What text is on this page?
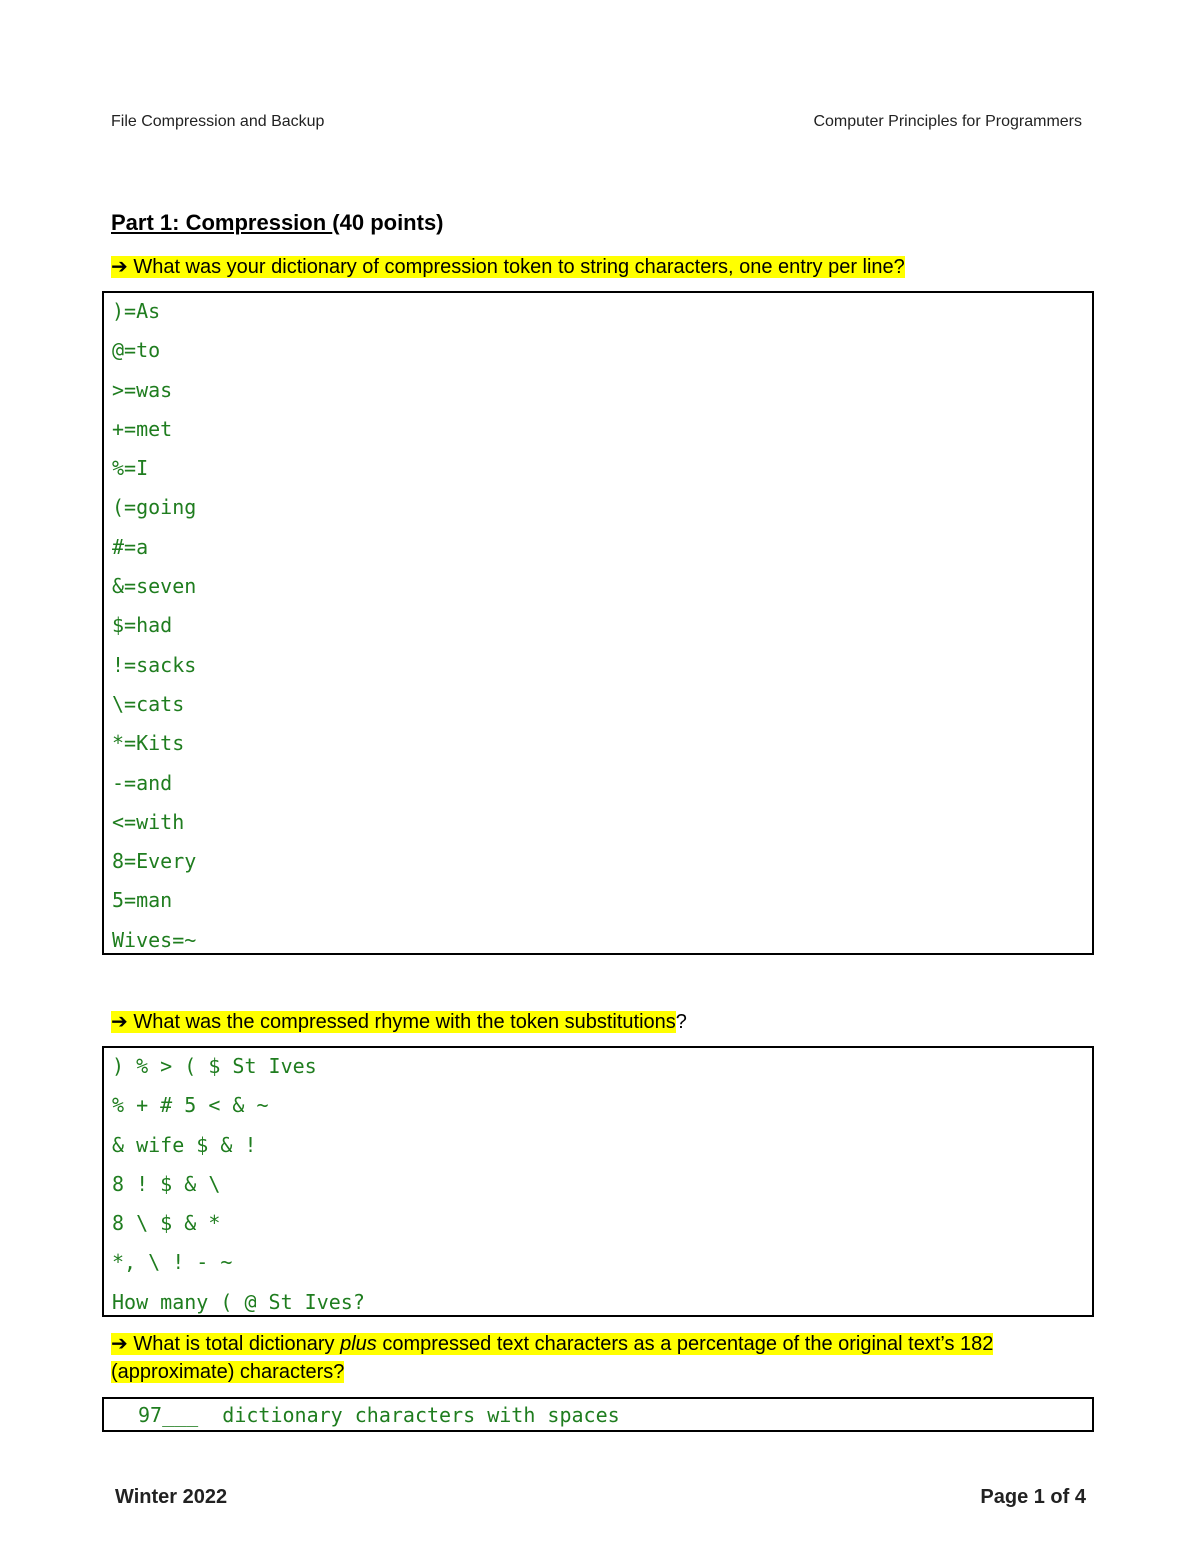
File Compression and Backup	Computer Principles for Programmers
Part 1: Compression (40 points)
➔ What was your dictionary of compression token to string characters, one entry per line?
)=As
@=to
>=was
+=met
%=I
(=going
#=a
&=seven
$=had
!=sacks
\=cats
*=Kits
-=and
<=with
8=Every
5=man
Wives=~
➔ What was the compressed rhyme with the token substitutions?
) % > ( $ St Ives
% + # 5 < & ~
& wife $ & !
8 ! $ & \
8 \ $ & *
*, \ ! - ~
How many ( @ St Ives?
➔ What is total dictionary plus compressed text characters as a percentage of the original text’s 182
(approximate) characters?
97___  dictionary characters with spaces
Winter 2022	Page 1 of 4
